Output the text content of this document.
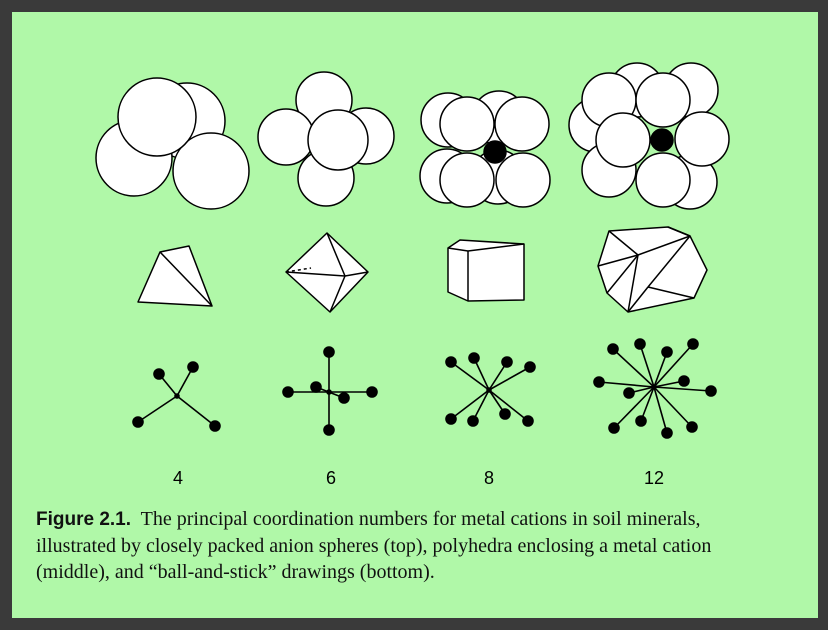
4	6	8	12
Figure 2.1. The principal coordination numbers for metal cations in soil minerals,
illustrated by closely packed anion spheres (top), polyhedra enclosing a metal cation
(middle), and “ball-and-stick” drawings (bottom).
